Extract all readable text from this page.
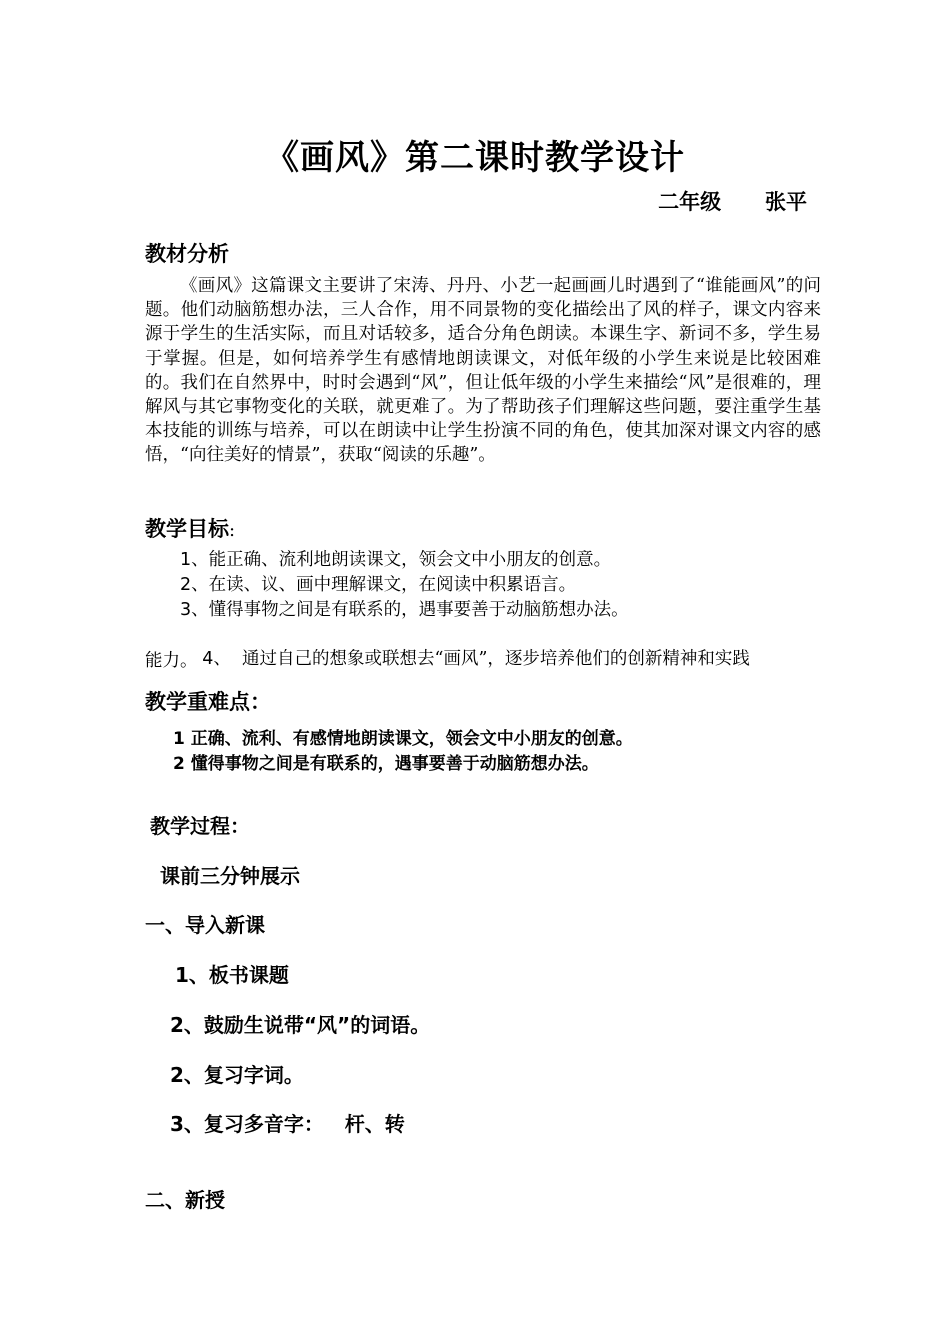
《画风》第二课时教学设计
二年级      张平
教材分析
《画风》这篇课文主要讲了宋涛、丹丹、小艺一起画画儿时遇到了“谁能画风”的问题。他们动脑筋想办法，三人合作，用不同景物的变化描绘出了风的样子，课文内容来源于学生的生活实际，而且对话较多，适合分角色朗读。本课生字、新词不多，学生易于掌握。但是，如何培养学生有感情地朗读课文，对低年级的小学生来说是比较困难的。我们在自然界中，时时会遇到“风”，但让低年级的小学生来描绘“风”是很难的，理解风与其它事物变化的关联，就更难了。为了帮助孩子们理解这些问题，要注重学生基本技能的训练与培养，可以在朗读中让学生扮演不同的角色，使其加深对课文内容的感悟，“向往美好的情景”，获取“阅读的乐趣”。
教学目标:
1、能正确、流利地朗读课文，领会文中小朋友的创意。
2、在读、议、画中理解课文，在阅读中积累语言。
3、懂得事物之间是有联系的，遇事要善于动脑筋想办法。

4、  通过自己的想象或联想去“画风”，逐步培养他们的创新精神和实践

能力。
教学重难点：
1 正确、流利、有感情地朗读课文，领会文中小朋友的创意。
2 懂得事物之间是有联系的，遇事要善于动脑筋想办法。
教学过程：
课前三分钟展示
一、导入新课
1、板书课题
2、鼓励生说带“风”的词语。
2、复习字词。
3、复习多音字：   杆、转
二、新授
